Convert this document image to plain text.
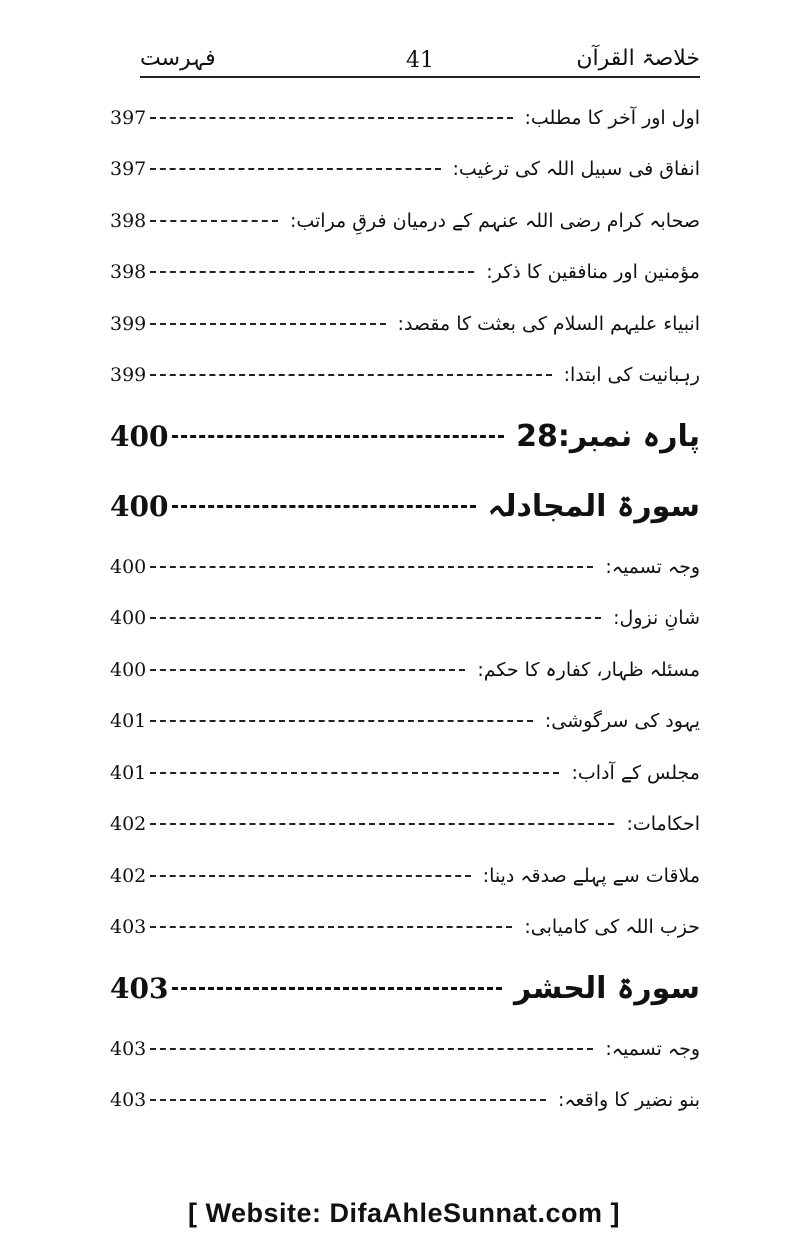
خلاصۃ القرآن
41
فہرست
اول اور آخر کا مطلب:
397
انفاق فی سبیل اللہ کی ترغیب:
397
صحابہ کرام رضی اللہ عنہم کے درمیان فرقِ مراتب:
398
مؤمنین اور منافقین کا ذکر:
398
انبیاء علیہم السلام کی بعثت کا مقصد:
399
رہبانیت کی ابتدا:
399
پارہ نمبر:28
400
سورۃ المجادلہ
400
وجہ تسمیہ:
400
شانِ نزول:
400
مسئلہ ظہار، کفارہ کا حکم:
400
یہود کی سرگوشی:
401
مجلس کے آداب:
401
احکامات:
402
ملاقات سے پہلے صدقہ دینا:
402
حزب اللہ کی کامیابی:
403
سورۃ الحشر
403
وجہ تسمیہ:
403
بنو نضیر کا واقعہ:
403
[ Website: DifaAhleSunnat.com ]
